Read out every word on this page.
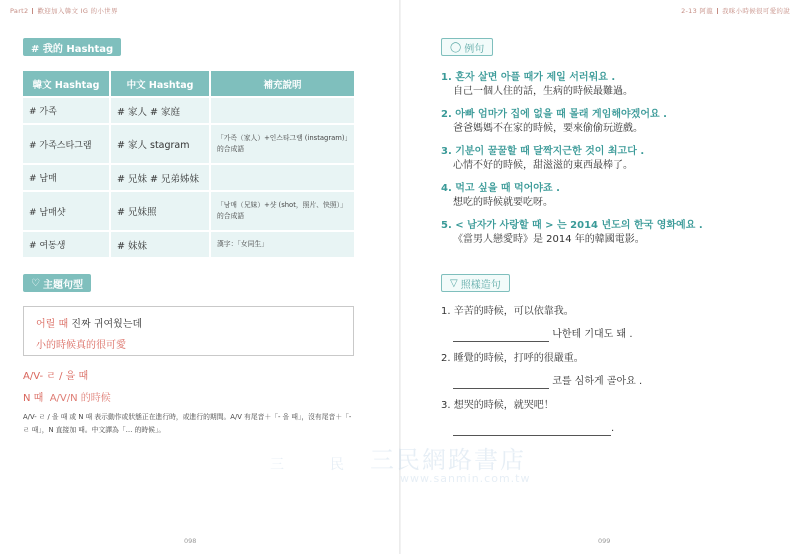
Part2 歡迎加入韓文 IG 的小世界
# 我的 Hashtag
韓文 Hashtag	中文 Hashtag	補充說明
# 가족	# 家人 # 家庭	
# 가족스타그램	# 家人 stagram	「가족（家人）+인스타그램 (instagram)」的合成語
# 남매	# 兄妹 # 兄弟姊妹	
# 남매샷	# 兄妹照	「남매（兄妹）+샷 (shot，照片、快照）」的合成語
# 여동생	# 妹妹	漢字：「女同生」
♡ 主題句型
어릴 때 진짜 귀여웠는데
小的時候真的很可愛
A/V- ㄹ / 을 때
N 때 A/V/N 的時候
A/V- ㄹ / 을 때 或 N 때 表示動作或狀態正在進行時，或進行的期間。A/V 有尾音＋「- 을 때」，沒有尾音＋「- ㄹ 때」，N 直接加 때。中文譯為「… 的時候」。
098
2-13 阿龍 我咪小時候很可愛的說
099
◯ 例句
1. 혼자 살면 아플 때가 제일 서러워요 .
自己一個人住的話，生病的時候最難過。
2. 아빠 엄마가 집에 없을 때 몰래 게임해야겠어요 .
爸爸媽媽不在家的時候，要來偷偷玩遊戲。
3. 기분이 꿀꿀할 때 달짝지근한 것이 최고다 .
心情不好的時候，甜滋滋的東西最棒了。
4. 먹고 싶을 때 먹어야죠 .
想吃的時候就要吃呀。
5. < 남자가 사랑할 때 > 는 2014 년도의 한국 영화예요 .
《當男人戀愛時》是 2014 年的韓國電影。
▽ 照樣造句
1. 辛苦的時候，可以依靠我。

나한테 기대도 돼 .
2. 睡覺的時候，打呼的很嚴重。

코를 심하게 골아요 .
3. 想哭的時候，就哭吧！
.
三	民 三民網路書店
www.sanmin.com.tw
